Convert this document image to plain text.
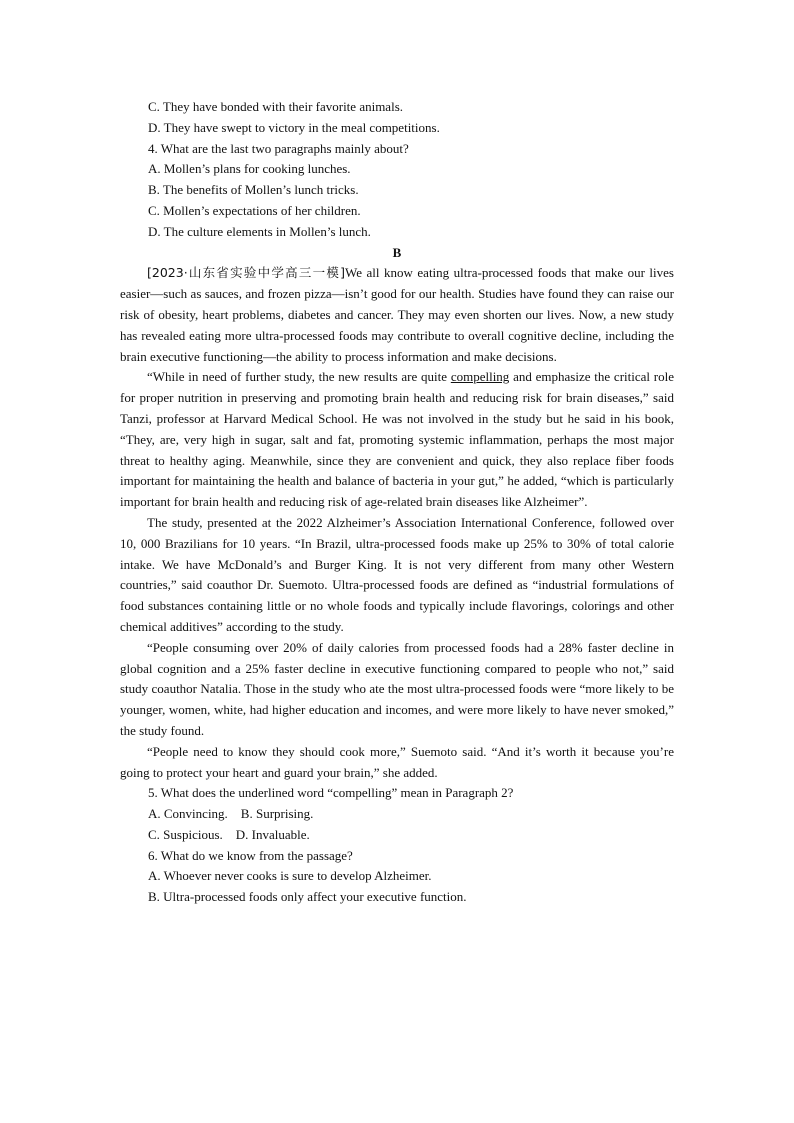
C. They have bonded with their favorite animals.
D. They have swept to victory in the meal competitions.
4. What are the last two paragraphs mainly about?
A. Mollen’s plans for cooking lunches.
B. The benefits of Mollen’s lunch tricks.
C. Mollen’s expectations of her children.
D. The culture elements in Mollen’s lunch.
B

[2023·山东省实验中学高三一模]We all know eating ultra-processed foods that make our lives easier—such as sauces, and frozen pizza—isn’t good for our health. Studies have found they can raise our risk of obesity, heart problems, diabetes and cancer. They may even shorten our lives. Now, a new study has revealed eating more ultra-processed foods may contribute to overall cognitive decline, including the brain executive functioning—the ability to process information and make decisions.

“While in need of further study, the new results are quite compelling and emphasize the critical role for proper nutrition in preserving and promoting brain health and reducing risk for brain diseases,” said Tanzi, professor at Harvard Medical School. He was not involved in the study but he said in his book, “They, are, very high in sugar, salt and fat, promoting systemic inflammation, perhaps the most major threat to healthy aging. Meanwhile, since they are convenient and quick, they also replace fiber foods important for maintaining the health and balance of bacteria in your gut,” he added, “which is particularly important for brain health and reducing risk of age-related brain diseases like Alzheimer”.

The study, presented at the 2022 Alzheimer’s Association International Conference, followed over 10, 000 Brazilians for 10 years. “In Brazil, ultra-processed foods make up 25% to 30% of total calorie intake. We have McDonald’s and Burger King. It is not very different from many other Western countries,” said coauthor Dr. Suemoto. Ultra-processed foods are defined as “industrial formulations of food substances containing little or no whole foods and typically include flavorings, colorings and other chemical additives” according to the study.

“People consuming over 20% of daily calories from processed foods had a 28% faster decline in global cognition and a 25% faster decline in executive functioning compared to people who not,” said study coauthor Natalia. Those in the study who ate the most ultra-processed foods were “more likely to be younger, women, white, had higher education and incomes, and were more likely to have never smoked,” the study found.

“People need to know they should cook more,” Suemoto said. “And it’s worth it because you’re going to protect your heart and guard your brain,” she added.

5. What does the underlined word “compelling” mean in Paragraph 2?
A. Convincing.    B. Surprising.
C. Suspicious.    D. Invaluable.
6. What do we know from the passage?
A. Whoever never cooks is sure to develop Alzheimer.
B. Ultra-processed foods only affect your executive function.
